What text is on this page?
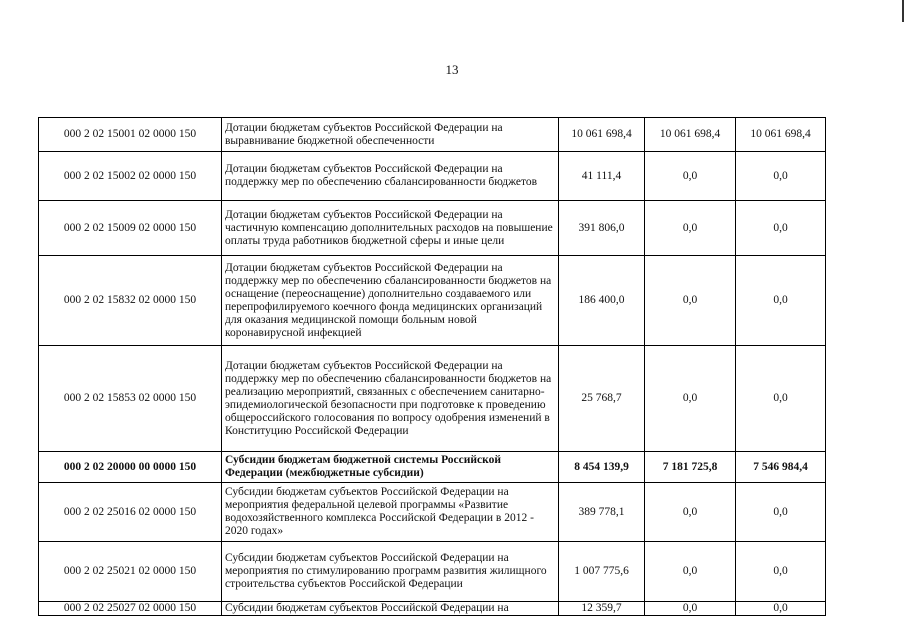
13
000 2 02 15001 02 0000 150	Дотации бюджетам субъектов Российской Федерации на выравнивание бюджетной обеспеченности	10 061 698,4	10 061 698,4	10 061 698,4
000 2 02 15002 02 0000 150	Дотации бюджетам субъектов Российской Федерации на поддержку мер по обеспечению сбалансированности бюджетов	41 111,4	0,0	0,0
000 2 02 15009 02 0000 150	Дотации бюджетам субъектов Российской Федерации на частичную компенсацию дополнительных расходов на повышение оплаты труда работников бюджетной сферы и иные цели	391 806,0	0,0	0,0
000 2 02 15832 02 0000 150	Дотации бюджетам субъектов Российской Федерации на поддержку мер по обеспечению сбалансированности бюджетов на оснащение (переоснащение) дополнительно создаваемого или перепрофилируемого коечного фонда медицинских организаций для оказания медицинской помощи больным новой коронавирусной инфекцией	186 400,0	0,0	0,0
000 2 02 15853 02 0000 150	Дотации бюджетам субъектов Российской Федерации на поддержку мер по обеспечению сбалансированности бюджетов на реализацию мероприятий, связанных с обеспечением санитарно-эпидемиологической безопасности при подготовке к проведению общероссийского голосования по вопросу одобрения изменений в Конституцию Российской Федерации	25 768,7	0,0	0,0
000 2 02 20000 00 0000 150	Субсидии бюджетам бюджетной системы Российской Федерации (межбюджетные субсидии)	8 454 139,9	7 181 725,8	7 546 984,4
000 2 02 25016 02 0000 150	Субсидии бюджетам субъектов Российской Федерации на мероприятия федеральной целевой программы «Развитие водохозяйственного комплекса Российской Федерации в 2012 - 2020 годах»	389 778,1	0,0	0,0
000 2 02 25021 02 0000 150	Субсидии бюджетам субъектов Российской Федерации на мероприятия по стимулированию программ развития жилищного строительства субъектов Российской Федерации	1 007 775,6	0,0	0,0
000 2 02 25027 02 0000 150	Субсидии бюджетам субъектов Российской Федерации на	12 359,7	0,0	0,0
